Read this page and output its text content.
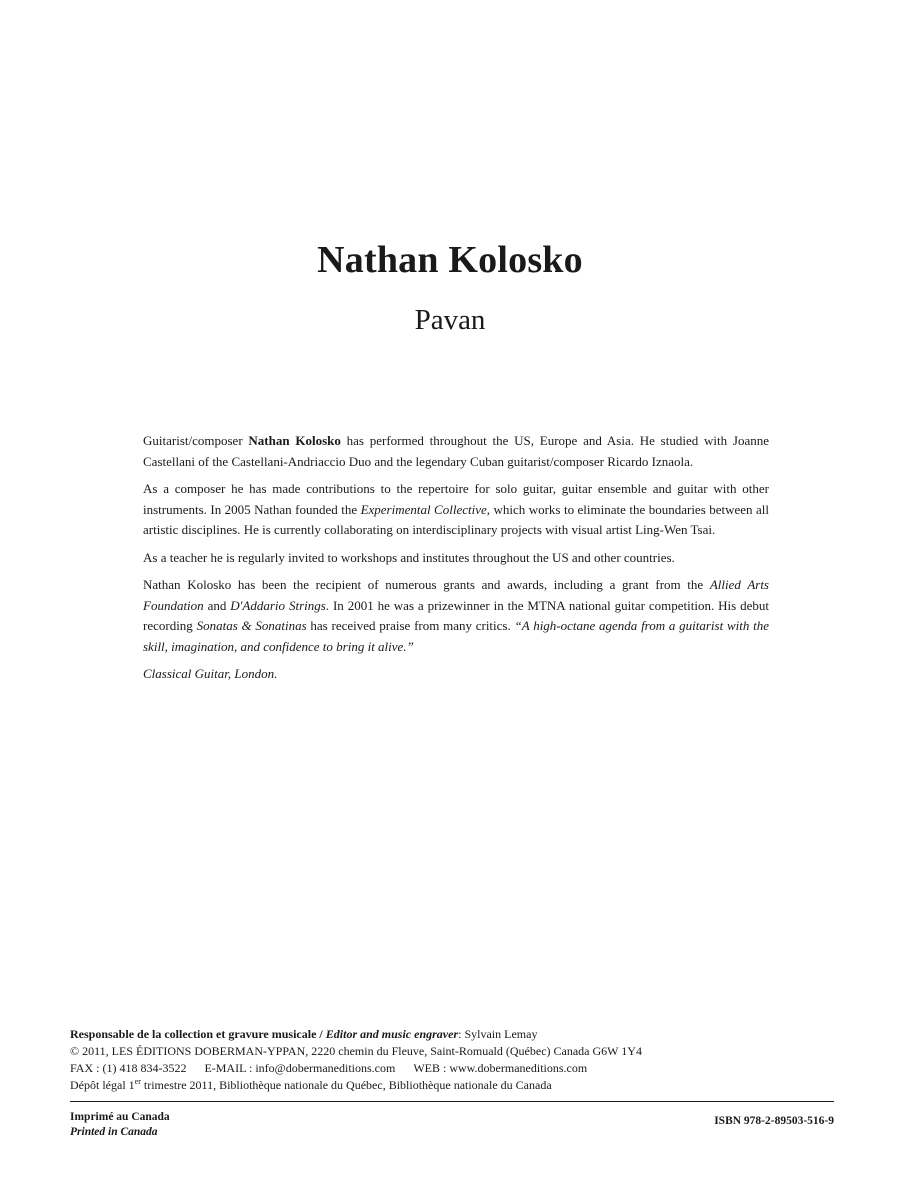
Nathan Kolosko
Pavan

Guitarist/composer Nathan Kolosko has performed throughout the US, Europe and Asia. He studied with Joanne Castellani of the Castellani-Andriaccio Duo and the legendary Cuban guitarist/composer Ricardo Iznaola.

As a composer he has made contributions to the repertoire for solo guitar, guitar ensemble and guitar with other instruments. In 2005 Nathan founded the Experimental Collective, which works to eliminate the boundaries between all artistic disciplines. He is currently collaborating on interdisciplinary projects with visual artist Ling-Wen Tsai.

As a teacher he is regularly invited to workshops and institutes throughout the US and other countries.

Nathan Kolosko has been the recipient of numerous grants and awards, including a grant from the Allied Arts Foundation and D'Addario Strings. In 2001 he was a prizewinner in the MTNA national guitar competition. His debut recording Sonatas & Sonatinas has received praise from many critics. “A high-octane agenda from a guitarist with the skill, imagination, and confidence to bring it alive.”

Classical Guitar, London.

Responsable de la collection et gravure musicale / Editor and music engraver: Sylvain Lemay
© 2011, LES ÉDITIONS DOBERMAN-YPPAN, 2220 chemin du Fleuve, Saint-Romuald (Québec) Canada G6W 1Y4
FAX : (1) 418 834-3522 E-MAIL : info@dobermaneditions.com WEB : www.dobermaneditions.com
Dépôt légal 1er trimestre 2011, Bibliothèque nationale du Québec, Bibliothèque nationale du Canada
Imprimé au Canada
Printed in Canada
ISBN 978-2-89503-516-9
